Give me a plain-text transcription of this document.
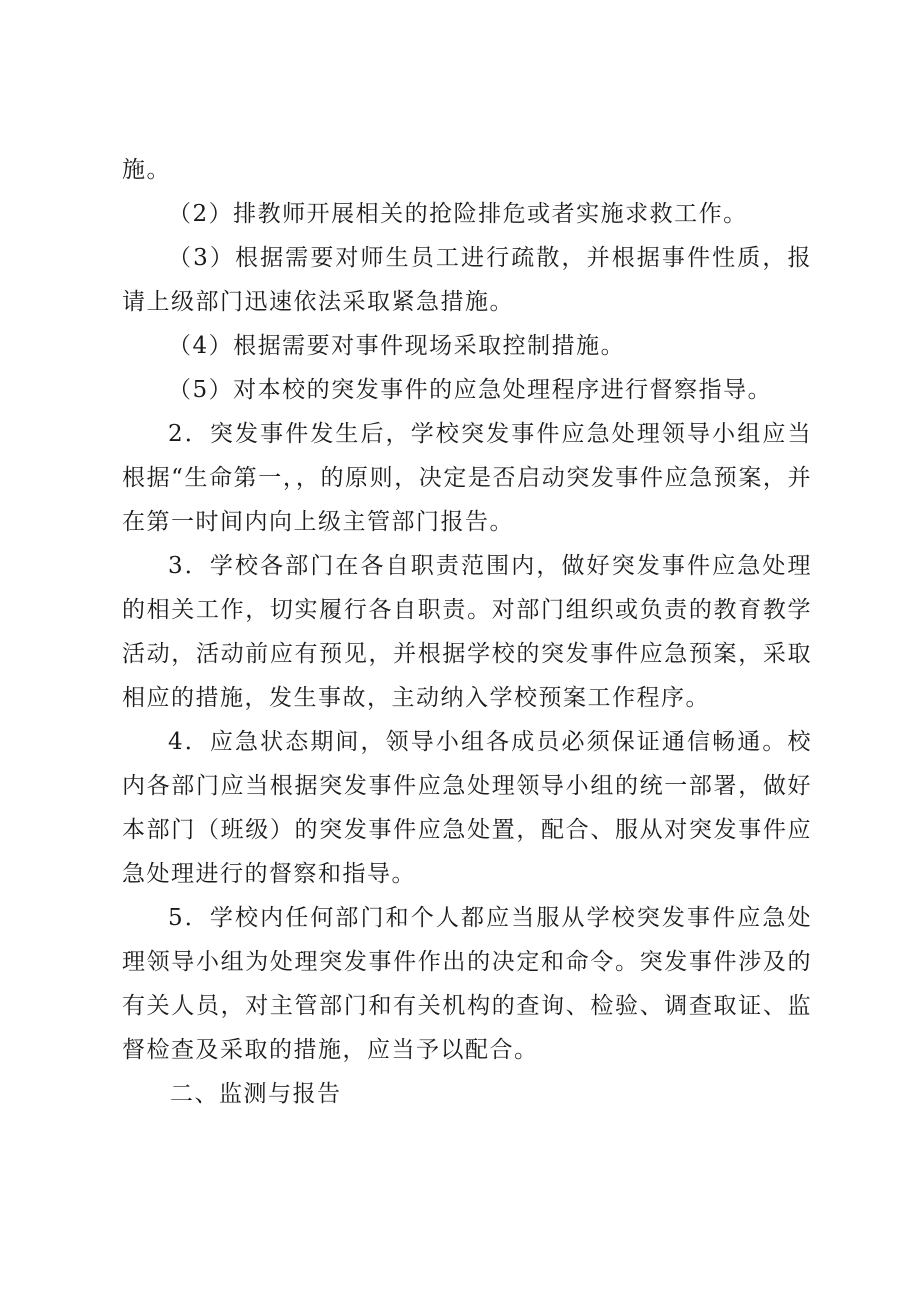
施。

（2）排教师开展相关的抢险排危或者实施求救工作。

（3）根据需要对师生员工进行疏散，并根据事件性质，报请上级部门迅速依法采取紧急措施。

（4）根据需要对事件现场采取控制措施。

（5）对本校的突发事件的应急处理程序进行督察指导。

2．突发事件发生后，学校突发事件应急处理领导小组应当根据“生命第一，，的原则，决定是否启动突发事件应急预案，并在第一时间内向上级主管部门报告。

3．学校各部门在各自职责范围内，做好突发事件应急处理的相关工作，切实履行各自职责。对部门组织或负责的教育教学活动，活动前应有预见，并根据学校的突发事件应急预案，采取相应的措施，发生事故，主动纳入学校预案工作程序。

4．应急状态期间，领导小组各成员必须保证通信畅通。校内各部门应当根据突发事件应急处理领导小组的统一部署，做好本部门（班级）的突发事件应急处置，配合、服从对突发事件应急处理进行的督察和指导。

5．学校内任何部门和个人都应当服从学校突发事件应急处理领导小组为处理突发事件作出的决定和命令。突发事件涉及的有关人员，对主管部门和有关机构的查询、检验、调查取证、监督检查及采取的措施，应当予以配合。

二、监测与报告
